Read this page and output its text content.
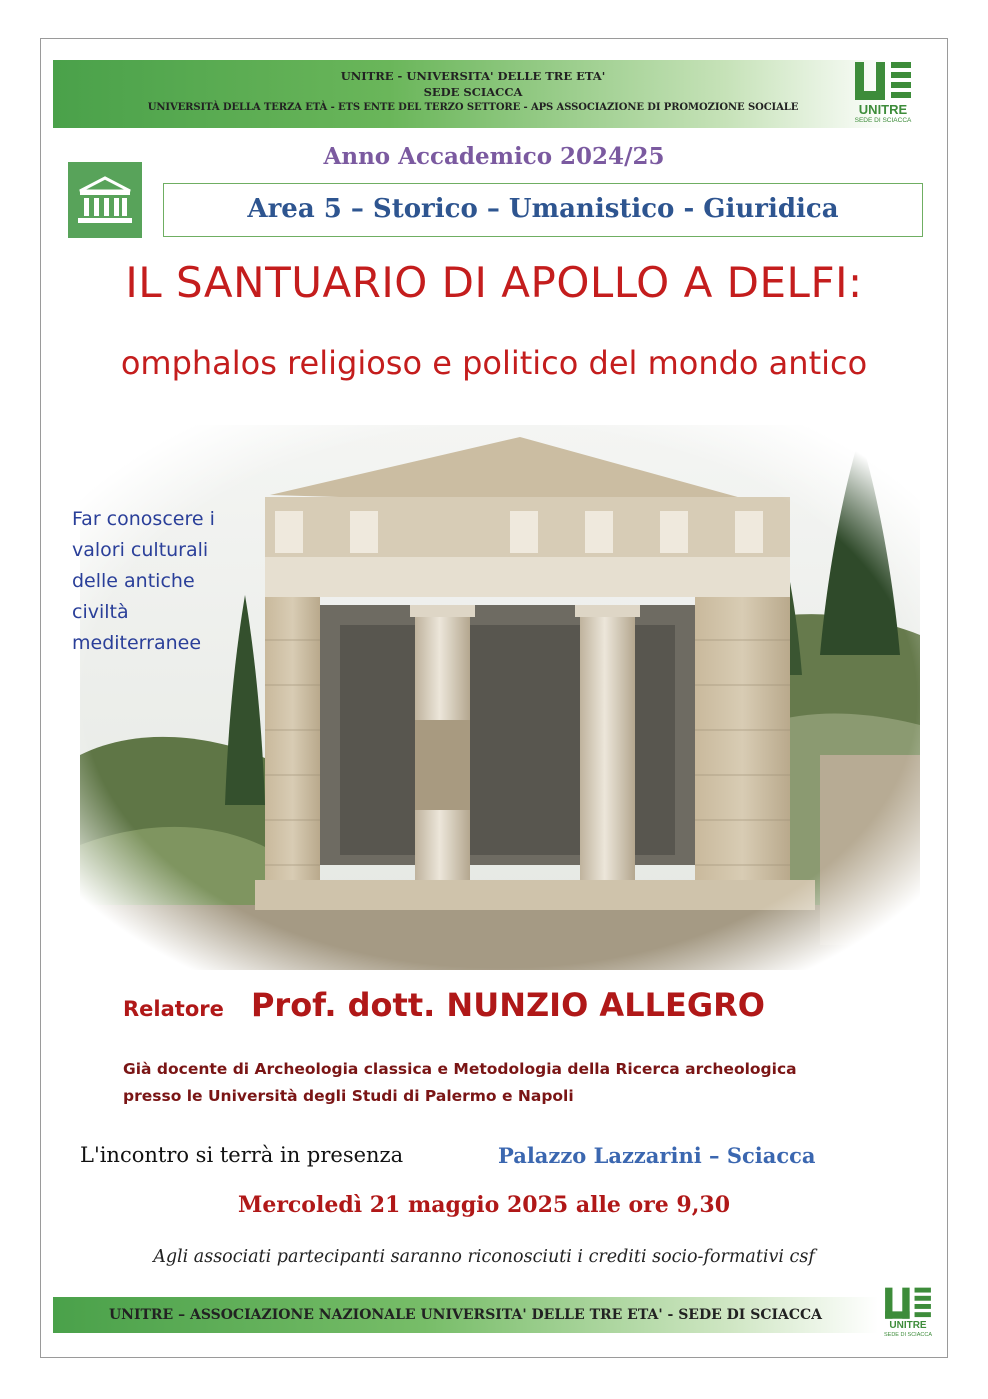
UNITRE - UNIVERSITA' DELLE TRE ETA'
SEDE SCIACCA
UNIVERSITÀ DELLA TERZA ETÀ - ETS ENTE DEL TERZO SETTORE - APS ASSOCIAZIONE DI PROMOZIONE SOCIALE	UNITRE
SEDE DI SCIACCA
Anno Accademico 2024/25
Area 5 – Storico – Umanistico - Giuridica
IL SANTUARIO DI APOLLO A DELFI:
omphalos religioso e politico del mondo antico
Far conoscere i
valori culturali
delle antiche
civiltà
mediterranee
Relatore Prof. dott. NUNZIO ALLEGRO
Già docente di Archeologia classica e Metodologia della Ricerca archeologica
presso le Università degli Studi di Palermo e Napoli
L'incontro si terrà in presenza	Palazzo Lazzarini – Sciacca
Mercoledì 21 maggio 2025 alle ore 9,30
Agli associati partecipanti saranno riconosciuti i crediti socio-formativi csf
UNITRE – ASSOCIAZIONE NAZIONALE UNIVERSITA' DELLE TRE ETA' - SEDE DI SCIACCA
UNITRE
SEDE DI SCIACCA
